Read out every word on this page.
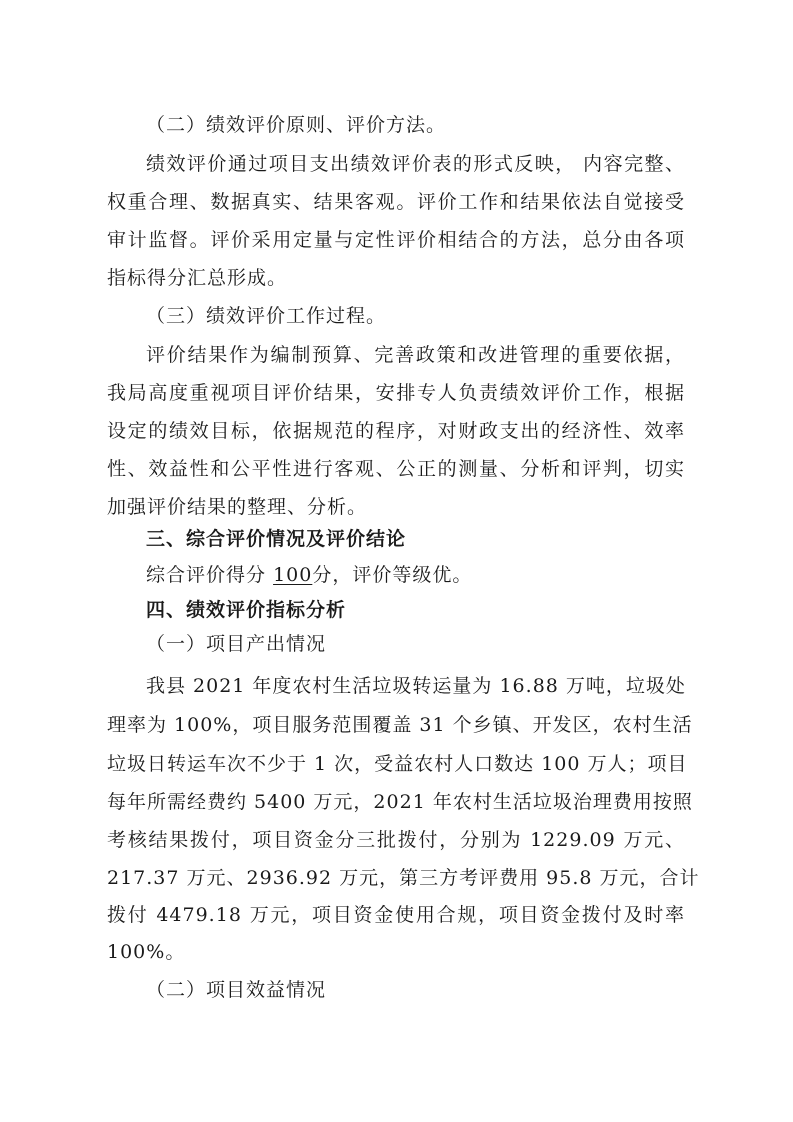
（二）绩效评价原则、评价方法。
绩效评价通过项目支出绩效评价表的形式反映， 内容完整、
权重合理、数据真实、结果客观。评价工作和结果依法自觉接受
审计监督。评价采用定量与定性评价相结合的方法，总分由各项
指标得分汇总形成。
（三）绩效评价工作过程。
评价结果作为编制预算、完善政策和改进管理的重要依据，
我局高度重视项目评价结果，安排专人负责绩效评价工作，根据
设定的绩效目标，依据规范的程序，对财政支出的经济性、效率
性、效益性和公平性进行客观、公正的测量、分析和评判，切实
加强评价结果的整理、分析。
三、综合评价情况及评价结论
综合评价得分 100分，评价等级优。
四、绩效评价指标分析
（一）项目产出情况
我县 2021 年度农村生活垃圾转运量为 16.88 万吨，垃圾处
理率为 100%，项目服务范围覆盖 31 个乡镇、开发区，农村生活
垃圾日转运车次不少于 1 次，受益农村人口数达 100 万人；项目
每年所需经费约 5400 万元，2021 年农村生活垃圾治理费用按照
考核结果拨付，项目资金分三批拨付，分别为 1229.09 万元、
217.37 万元、2936.92 万元，第三方考评费用 95.8 万元，合计
拨付 4479.18 万元，项目资金使用合规，项目资金拨付及时率
100%。
（二）项目效益情况
